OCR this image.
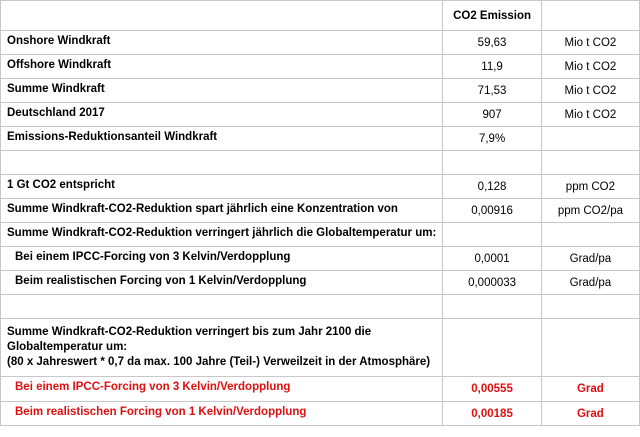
	CO2 Emission	
Onshore Windkraft	59,63	Mio t CO2
Offshore Windkraft	11,9	Mio t CO2
Summe Windkraft	71,53	Mio t CO2
Deutschland 2017	907	Mio t CO2
Emissions-Reduktionsanteil Windkraft	7,9%	

1 Gt CO2 entspricht	0,128	ppm CO2
Summe Windkraft-CO2-Reduktion spart jährlich eine Konzentration von	0,00916	ppm CO2/pa
Summe Windkraft-CO2-Reduktion verringert jährlich die Globaltemperatur um:		
Bei einem IPCC-Forcing von 3 Kelvin/Verdopplung	0,0001	Grad/pa
Beim realistischen Forcing von 1 Kelvin/Verdopplung	0,000033	Grad/pa

Summe Windkraft-CO2-Reduktion verringert bis zum Jahr 2100 die Globaltemperatur um:
(80 x Jahreswert * 0,7 da max. 100 Jahre (Teil-) Verweilzeit in der Atmosphäre)		
Bei einem IPCC-Forcing von 3 Kelvin/Verdopplung	0,00555	Grad
Beim realistischen Forcing von 1 Kelvin/Verdopplung	0,00185	Grad
